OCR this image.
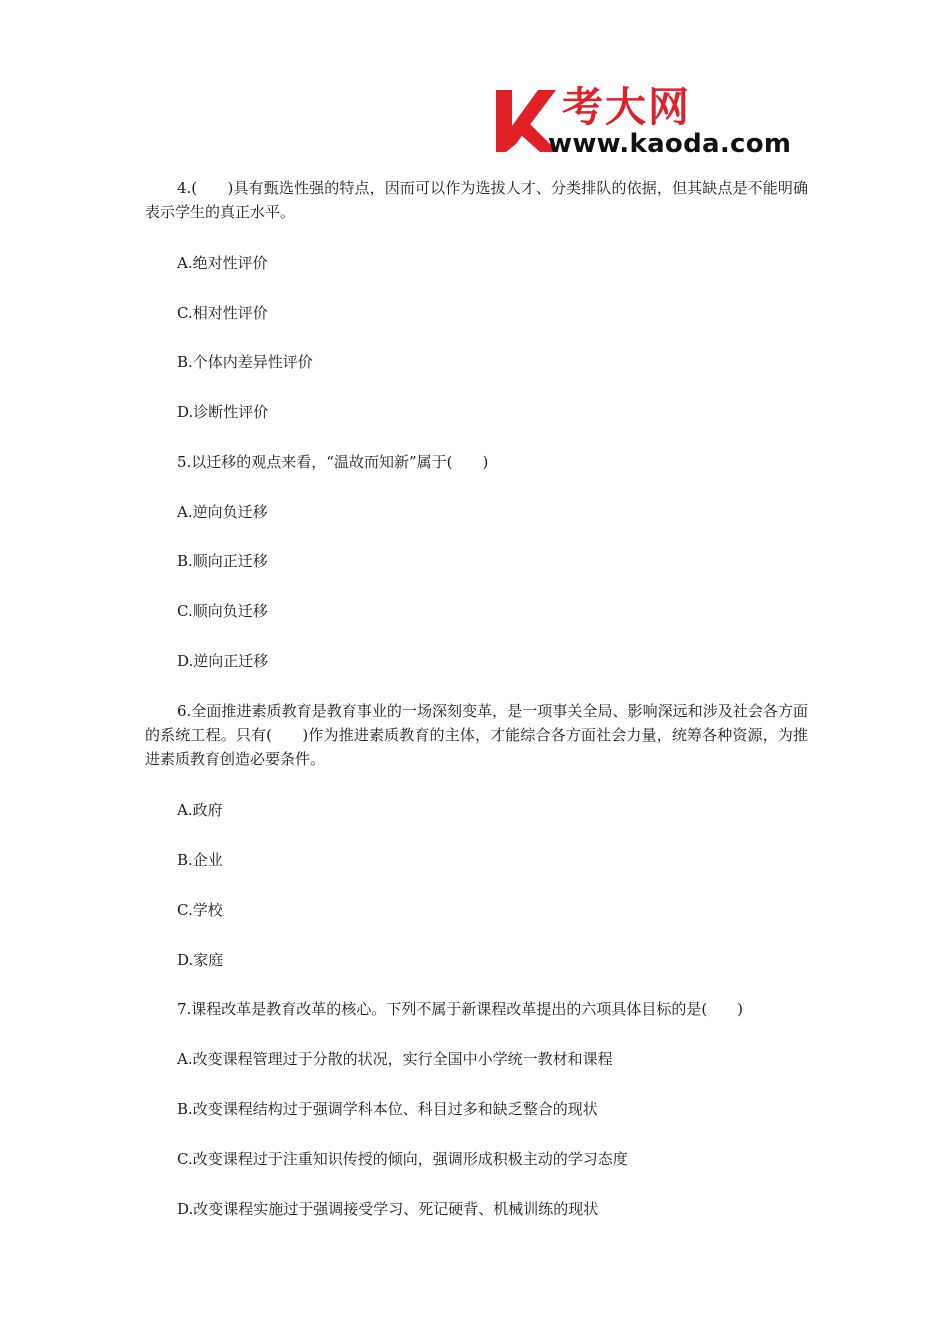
考大网
www.kaoda.com

4.(　　)具有甄选性强的特点，因而可以作为选拔人才、分类排队的依据，但其缺点是不能明确表示学生的真正水平。

A.绝对性评价

C.相对性评价

B.个体内差异性评价

D.诊断性评价

5.以迁移的观点来看，“温故而知新”属于(　　)

A.逆向负迁移

B.顺向正迁移

C.顺向负迁移

D.逆向正迁移

6.全面推进素质教育是教育事业的一场深刻变革，是一项事关全局、影响深远和涉及社会各方面的系统工程。只有(　　)作为推进素质教育的主体，才能综合各方面社会力量，统筹各种资源，为推进素质教育创造必要条件。

A.政府

B.企业

C.学校

D.家庭

7.课程改革是教育改革的核心。下列不属于新课程改革提出的六项具体目标的是(　　)

A.改变课程管理过于分散的状况，实行全国中小学统一教材和课程

B.改变课程结构过于强调学科本位、科目过多和缺乏整合的现状

C.改变课程过于注重知识传授的倾向，强调形成积极主动的学习态度

D.改变课程实施过于强调接受学习、死记硬背、机械训练的现状
